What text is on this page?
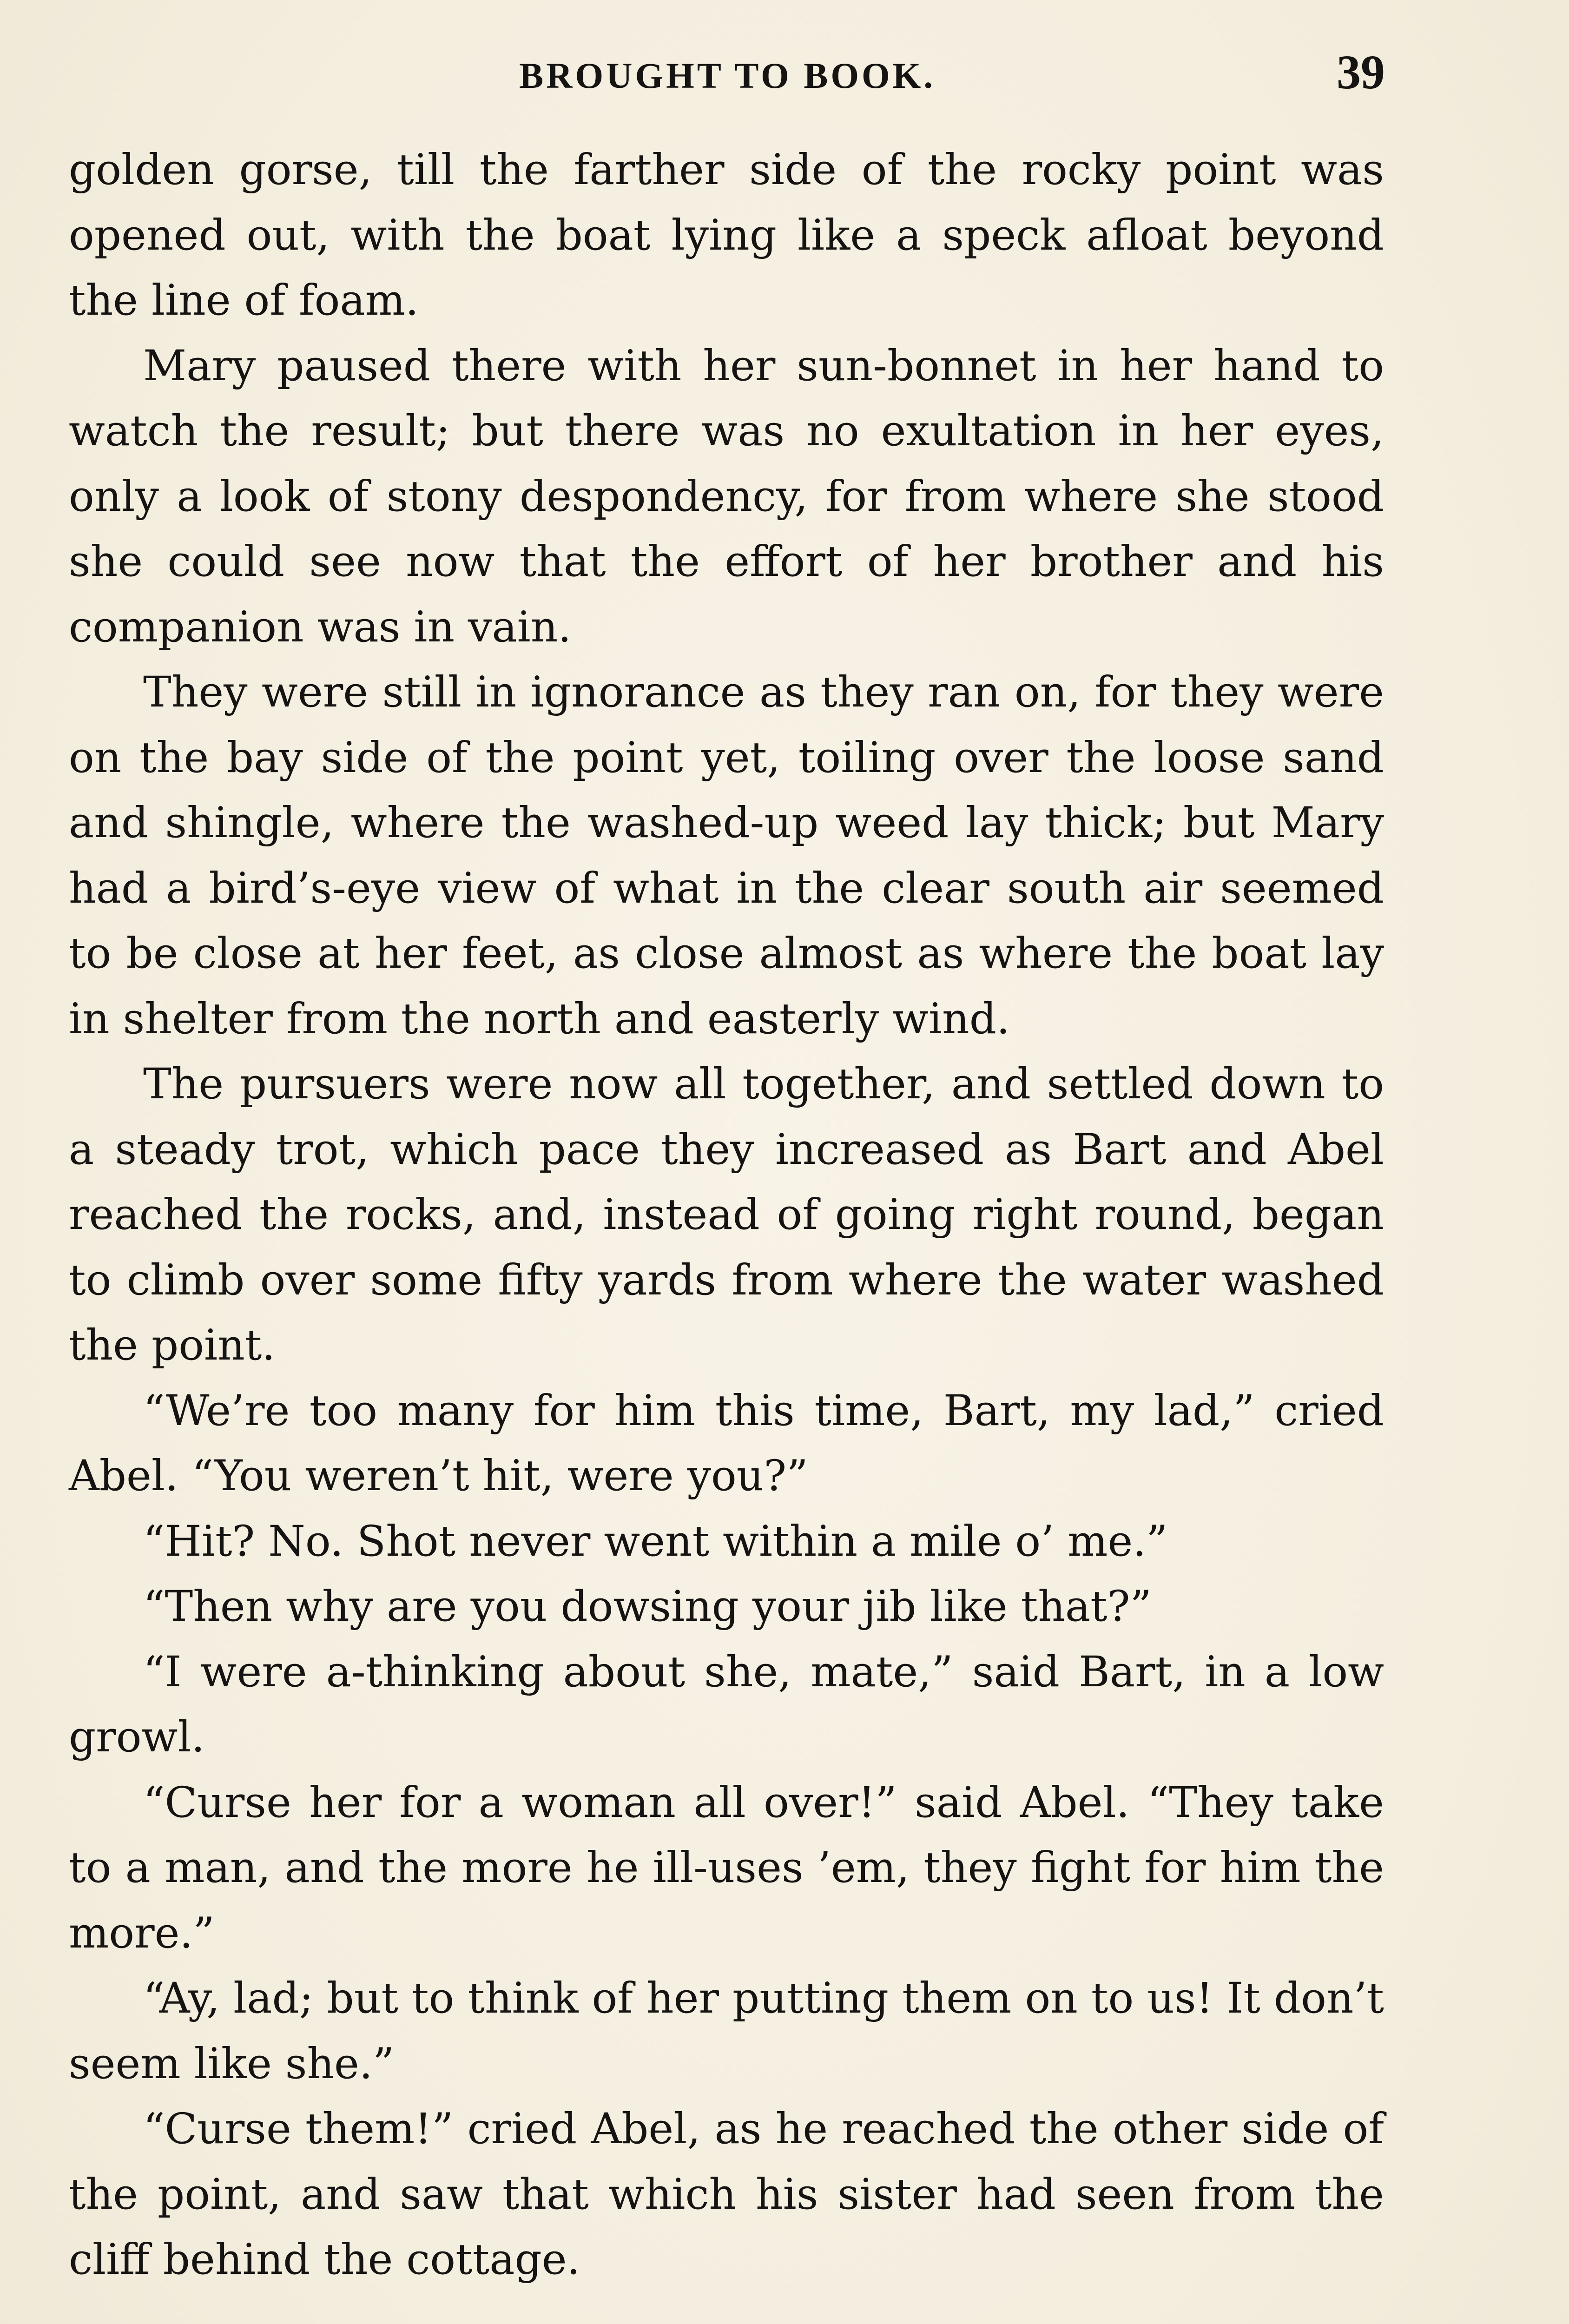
BROUGHT TO BOOK.	39

golden gorse, till the farther side of the rocky point was opened out, with the boat lying like a speck afloat beyond the line of foam.

Mary paused there with her sun-bonnet in her hand to watch the result; but there was no exultation in her eyes, only a look of stony despondency, for from where she stood she could see now that the effort of her brother and his companion was in vain.

They were still in ignorance as they ran on, for they were on the bay side of the point yet, toiling over the loose sand and shingle, where the washed-up weed lay thick; but Mary had a bird’s-eye view of what in the clear south air seemed to be close at her feet, as close almost as where the boat lay in shelter from the north and easterly wind.

The pursuers were now all together, and settled down to a steady trot, which pace they increased as Bart and Abel reached the rocks, and, instead of going right round, began to climb over some fifty yards from where the water washed the point.

“We’re too many for him this time, Bart, my lad,” cried Abel. “You weren’t hit, were you?”

“Hit? No. Shot never went within a mile o’ me.”

“Then why are you dowsing your jib like that?”

“I were a-thinking about she, mate,” said Bart, in a low growl.

“Curse her for a woman all over!” said Abel. “They take to a man, and the more he ill-uses ’em, they fight for him the more.”

“Ay, lad; but to think of her putting them on to us! It don’t seem like she.”

“Curse them!” cried Abel, as he reached the other side of the point, and saw that which his sister had seen from the cliff behind the cottage.
